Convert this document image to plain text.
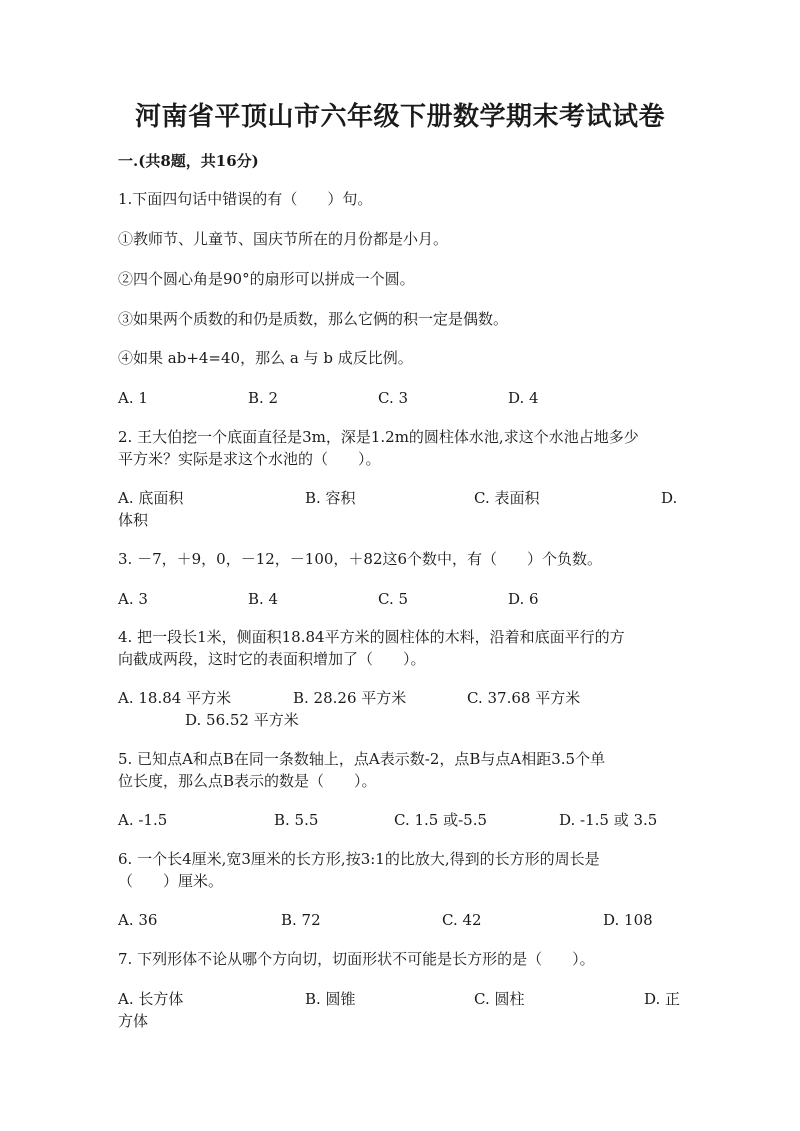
河南省平顶山市六年级下册数学期末考试试卷
一.(共8题，共16分)
1.下面四句话中错误的有（　　）句。
①教师节、儿童节、国庆节所在的月份都是小月。
②四个圆心角是90°的扇形可以拼成一个圆。
③如果两个质数的和仍是质数，那么它俩的积一定是偶数。
④如果 ab+4=40，那么 a 与 b 成反比例。
A. 1	B. 2	C. 3	D. 4
2. 王大伯挖一个底面直径是3m，深是1.2m的圆柱体水池,求这个水池占地多少
平方米？实际是求这个水池的（　　）。
A. 底面积	B. 容积	C. 表面积	D.
体积
3. －7，＋9，0，－12，－100，＋82这6个数中，有（　　）个负数。
A. 3	B. 4	C. 5	D. 6
4. 把一段长1米，侧面积18.84平方米的圆柱体的木料，沿着和底面平行的方
向截成两段，这时它的表面积增加了（　　）。
A. 18.84 平方米	B. 28.26 平方米	C. 37.68 平方米
D. 56.52 平方米
5. 已知点A和点B在同一条数轴上，点A表示数-2，点B与点A相距3.5个单
位长度，那么点B表示的数是（　　）。
A. -1.5	B. 5.5	C. 1.5 或-5.5	D. -1.5 或 3.5
6. 一个长4厘米,宽3厘米的长方形,按3:1的比放大,得到的长方形的周长是
（　　）厘米。
A. 36	B. 72	C. 42	D. 108
7. 下列形体不论从哪个方向切，切面形状不可能是长方形的是（　　）。
A. 长方体	B. 圆锥	C. 圆柱	D. 正
方体
